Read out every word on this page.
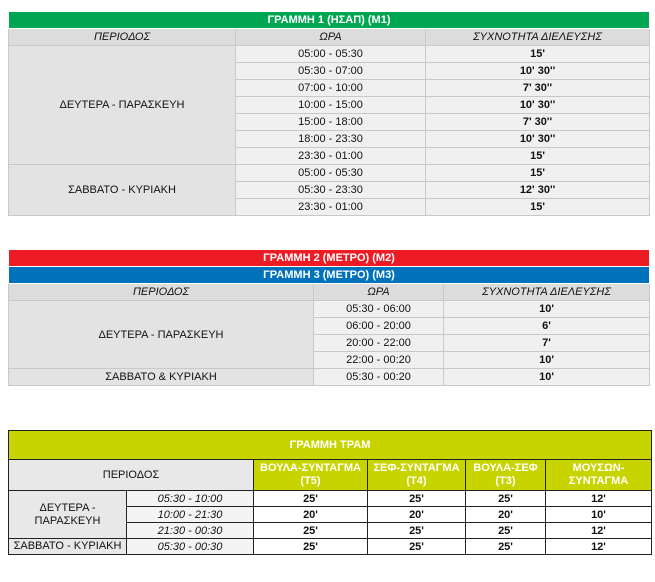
ΓΡΑΜΜΗ 1 (ΗΣΑΠ) (Μ1)		
ΠΕΡΙΟΔΟΣ	ΩΡΑ	ΣΥΧΝΟΤΗΤΑ ΔΙΕΛΕΥΣΗΣ
ΔΕΥΤΕΡΑ - ΠΑΡΑΣΚΕΥΗ	05:00 - 05:30	15'
	05:30 - 07:00	10' 30''
	07:00 - 10:00	7' 30''
	10:00 - 15:00	10' 30''
	15:00 - 18:00	7' 30''
	18:00 - 23:30	10' 30''
	23:30 - 01:00	15'
ΣΑΒΒΑΤΟ - ΚΥΡΙΑΚΗ	05:00 - 05:30	15'
	05:30 - 23:30	12' 30''
	23:30 - 01:00	15'
ΓΡΑΜΜΗ 2 (ΜΕΤΡΟ) (Μ2)		
ΓΡΑΜΜΗ 3 (ΜΕΤΡΟ) (Μ3)		
ΠΕΡΙΟΔΟΣ	ΩΡΑ	ΣΥΧΝΟΤΗΤΑ ΔΙΕΛΕΥΣΗΣ
ΔΕΥΤΕΡΑ - ΠΑΡΑΣΚΕΥΗ	05:30 - 06:00	10'
	06:00 - 20:00	6'
	20:00 - 22:00	7'
	22:00 - 00:20	10'
ΣΑΒΒΑΤΟ & ΚΥΡΙΑΚΗ	05:30 - 00:20	10'
ΓΡΑΜΜΗ ΤΡΑΜ					
ΠΕΡΙΟΔΟΣ		ΒΟΥΛΑ-ΣΥΝΤΑΓΜΑ (Τ5)	ΣΕΦ-ΣΥΝΤΑΓΜΑ (Τ4)	ΒΟΥΛΑ-ΣΕΦ (Τ3)	ΜΟΥΣΩΝ-ΣΥΝΤΑΓΜΑ
ΔΕΥΤΕΡΑ - ΠΑΡΑΣΚΕΥΗ	05:30 - 10:00	25'	25'	25'	12'
	10:00 - 21:30	20'	20'	20'	10'
	21:30 - 00:30	25'	25'	25'	12'
ΣΑΒΒΑΤΟ - ΚΥΡΙΑΚΗ	05:30 - 00:30	25'	25'	25'	12'
